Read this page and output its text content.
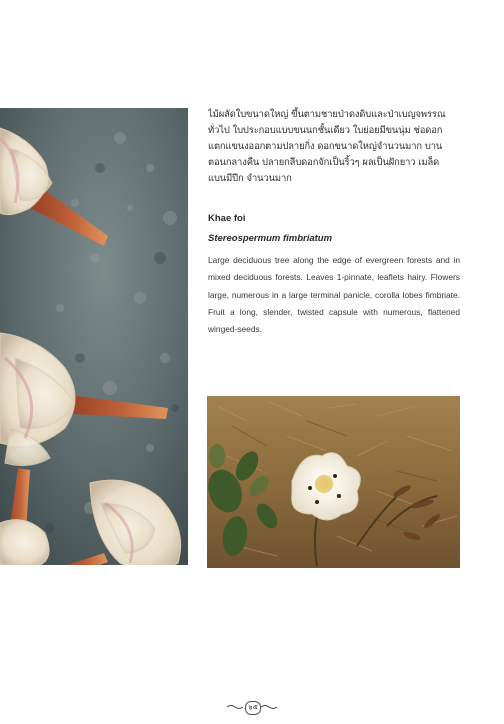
ไม้ผลัดใบขนาดใหญ่ ขึ้นตามชายป่าดงดิบและป่าเบญจพรรณ
ทั่วไป ใบประกอบแบบขนนกชั้นเดียว ใบย่อยมีขนนุ่ม ช่อดอก
แตกแขนงออกตามปลายกิ่ง ดอกขนาดใหญ่จำนวนมาก บาน
ตอนกลางคืน ปลายกลีบดอกจักเป็นริ้วๆ ผลเป็นฝักยาว เมล็ด
แบนมีปีก จำนวนมาก
Khae foi
Stereospermum fimbriatum
Large deciduous tree along the edge of evergreen forests and in mixed deciduous forests. Leaves 1-pinnate, leaflets hairy. Flowers large, numerous in a large terminal panicle, corolla lobes fimbriate. Fruit a long, slender, twisted capsule with numerous, flattened winged-seeds.
๖๕
